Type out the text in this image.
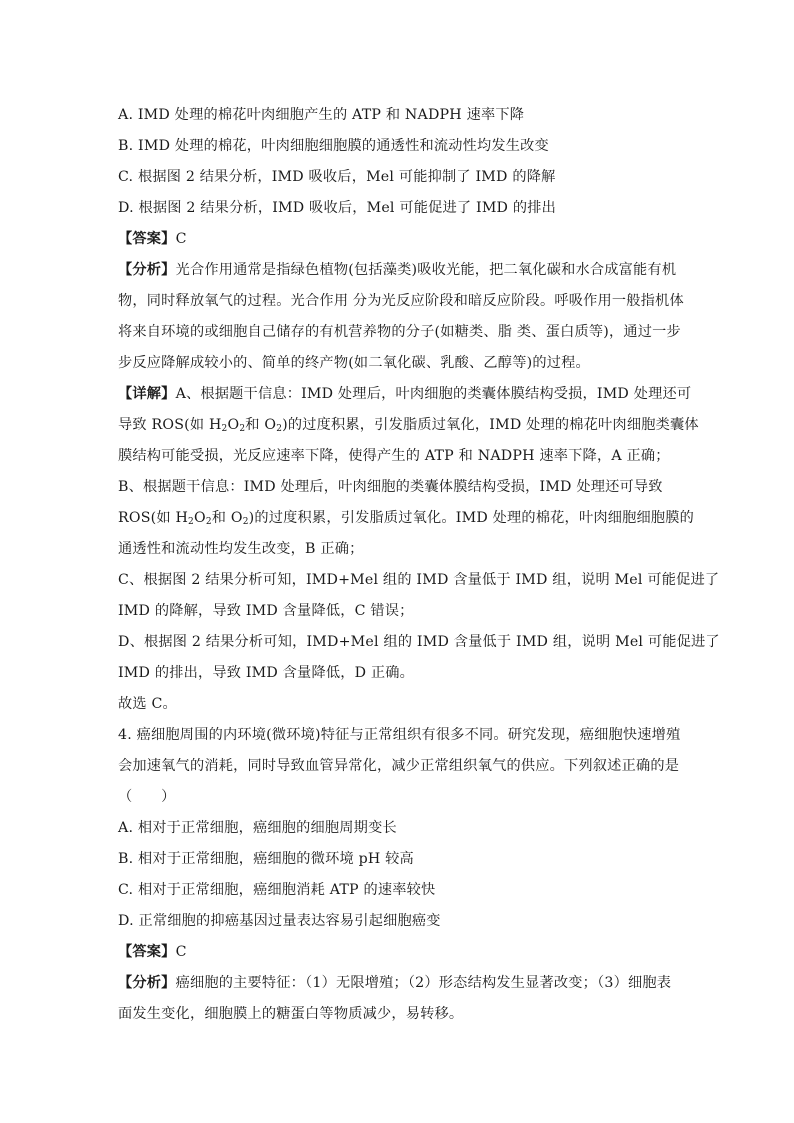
A. IMD 处理的棉花叶肉细胞产生的 ATP 和 NADPH 速率下降
B. IMD 处理的棉花，叶肉细胞细胞膜的通透性和流动性均发生改变
C. 根据图 2 结果分析，IMD 吸收后，Mel 可能抑制了 IMD 的降解
D. 根据图 2 结果分析，IMD 吸收后，Mel 可能促进了 IMD 的排出
【答案】C
【分析】光合作用通常是指绿色植物(包括藻类)吸收光能，把二氧化碳和水合成富能有机
物，同时释放氧气的过程。光合作用 分为光反应阶段和暗反应阶段。呼吸作用一般指机体
将来自环境的或细胞自己储存的有机营养物的分子(如糖类、脂 类、蛋白质等)，通过一步
步反应降解成较小的、简单的终产物(如二氧化碳、乳酸、乙醇等)的过程。
【详解】A、根据题干信息：IMD 处理后，叶肉细胞的类囊体膜结构受损，IMD 处理还可
导致 ROS(如 $H_2O_2$和 $O_2$)的过度积累，引发脂质过氧化，IMD 处理的棉花叶肉细胞类囊体
膜结构可能受损，光反应速率下降，使得产生的 ATP 和 NADPH 速率下降，A 正确；
B、根据题干信息：IMD 处理后，叶肉细胞的类囊体膜结构受损，IMD 处理还可导致
ROS(如 $H_2O_2$和 $O_2$)的过度积累，引发脂质过氧化。IMD 处理的棉花，叶肉细胞细胞膜的
通透性和流动性均发生改变，B 正确；
C、根据图 2 结果分析可知，IMD+Mel 组的 IMD 含量低于 IMD 组，说明 Mel 可能促进了
IMD 的降解，导致 IMD 含量降低，C 错误；
D、根据图 2 结果分析可知，IMD+Mel 组的 IMD 含量低于 IMD 组，说明 Mel 可能促进了
IMD 的排出，导致 IMD 含量降低，D 正确。
故选 C。
4. 癌细胞周围的内环境(微环境)特征与正常组织有很多不同。研究发现，癌细胞快速增殖
会加速氧气的消耗，同时导致血管异常化，减少正常组织氧气的供应。下列叙述正确的是
（　　）
A. 相对于正常细胞，癌细胞的细胞周期变长
B. 相对于正常细胞，癌细胞的微环境 pH 较高
C. 相对于正常细胞，癌细胞消耗 ATP 的速率较快
D. 正常细胞的抑癌基因过量表达容易引起细胞癌变
【答案】C
【分析】癌细胞的主要特征：（1）无限增殖；（2）形态结构发生显著改变；（3）细胞表
面发生变化，细胞膜上的糖蛋白等物质减少，易转移。
